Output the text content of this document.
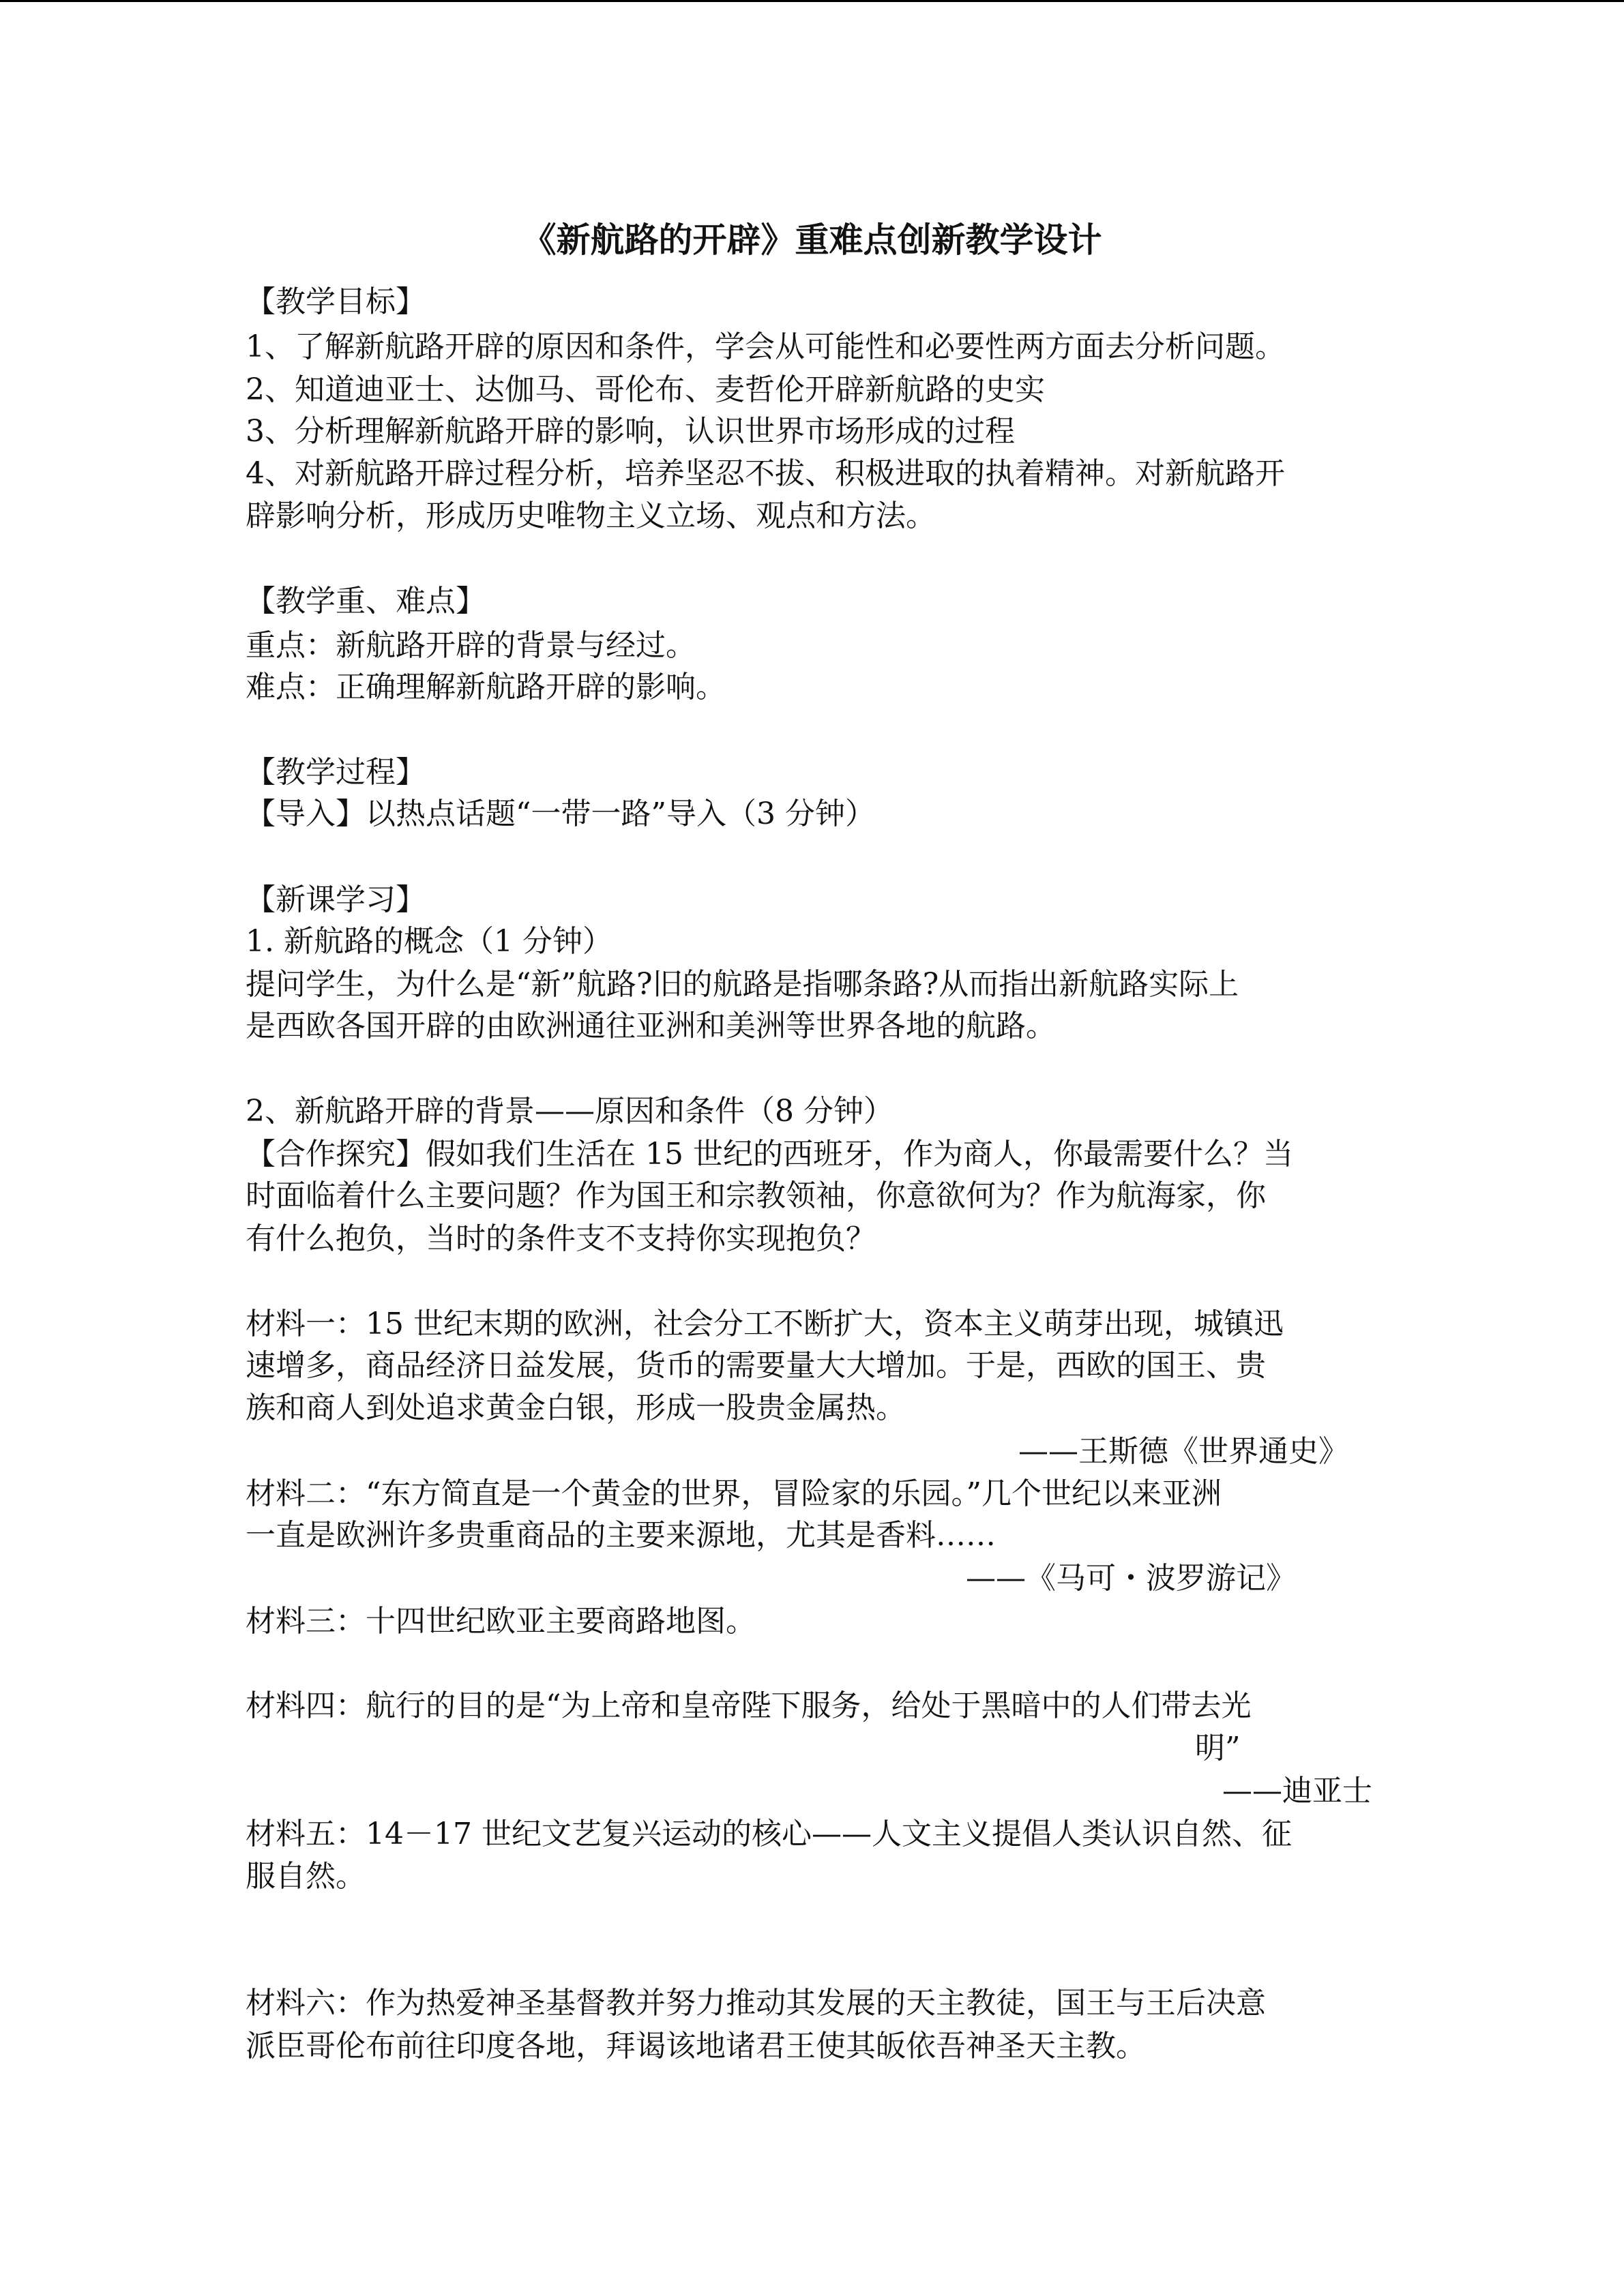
《新航路的开辟》重难点创新教学设计
【教学目标】
1、了解新航路开辟的原因和条件，学会从可能性和必要性两方面去分析问题。
2、知道迪亚士、达伽马、哥伦布、麦哲伦开辟新航路的史实
3、分析理解新航路开辟的影响，认识世界市场形成的过程
4、对新航路开辟过程分析，培养坚忍不拔、积极进取的执着精神。对新航路开
辟影响分析，形成历史唯物主义立场、观点和方法。
【教学重、难点】
重点：新航路开辟的背景与经过。
难点：正确理解新航路开辟的影响。
【教学过程】
【导入】以热点话题“一带一路”导入（3 分钟）
【新课学习】
1. 新航路的概念（1 分钟）
提问学生，为什么是“新”航路?旧的航路是指哪条路?从而指出新航路实际上
是西欧各国开辟的由欧洲通往亚洲和美洲等世界各地的航路。
2、新航路开辟的背景——原因和条件（8 分钟）
【合作探究】假如我们生活在 15 世纪的西班牙，作为商人，你最需要什么？当
时面临着什么主要问题？作为国王和宗教领袖，你意欲何为？作为航海家，你
有什么抱负，当时的条件支不支持你实现抱负？
材料一：15 世纪末期的欧洲，社会分工不断扩大，资本主义萌芽出现，城镇迅
速增多，商品经济日益发展，货币的需要量大大增加。于是，西欧的国王、贵
族和商人到处追求黄金白银，形成一股贵金属热。
——王斯德《世界通史》
材料二：“东方简直是一个黄金的世界，冒险家的乐园。”几个世纪以来亚洲
一直是欧洲许多贵重商品的主要来源地，尤其是香料……
——《马可・波罗游记》
材料三：十四世纪欧亚主要商路地图。
材料四：航行的目的是“为上帝和皇帝陛下服务，给处于黑暗中的人们带去光
明”
——迪亚士
材料五：14－17 世纪文艺复兴运动的核心——人文主义提倡人类认识自然、征
服自然。
材料六：作为热爱神圣基督教并努力推动其发展的天主教徒，国王与王后决意
派臣哥伦布前往印度各地，拜谒该地诸君王使其皈依吾神圣天主教。
